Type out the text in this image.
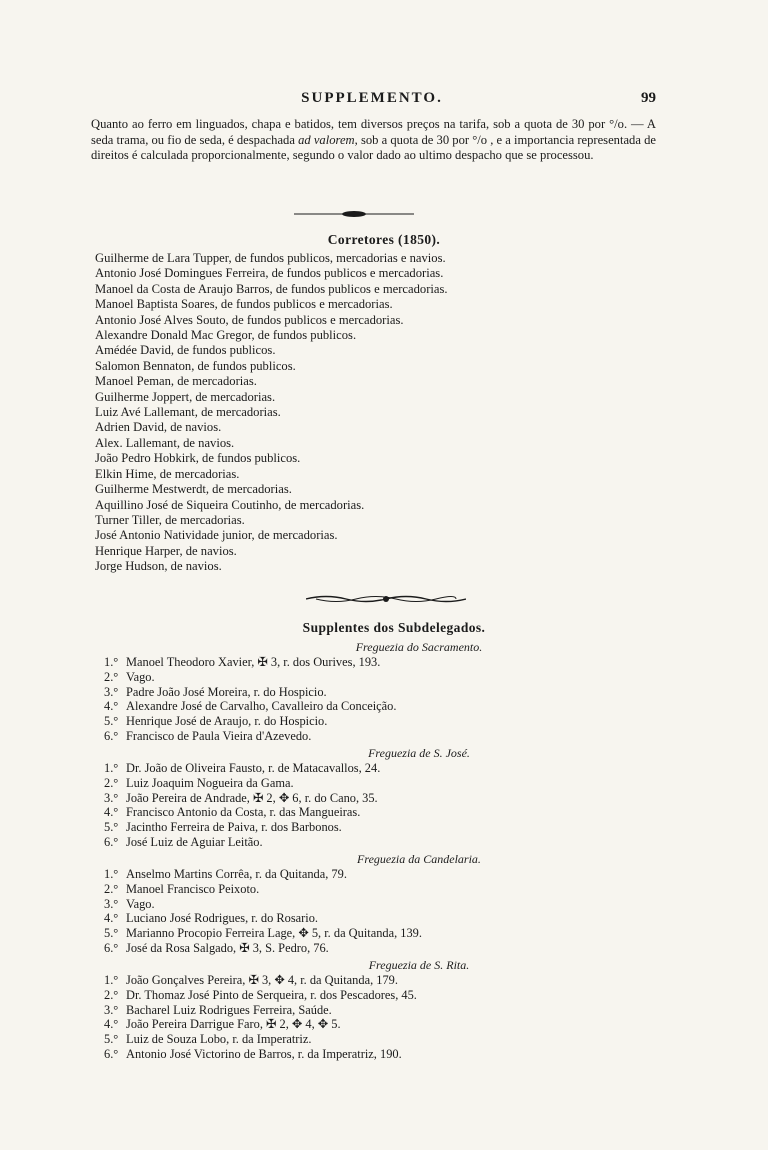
SUPPLEMENTO.	99
Quanto ao ferro em linguados, chapa e batidos, tem diversos preços na tarifa, sob a quota de 30 por °/o. — A seda trama, ou fio de seda, é despachada ad valorem, sob a quota de 30 por °/o , e a importancia representada de direitos é calculada proporcionalmente, segundo o valor dado ao ultimo despacho que se processou.
Corretores (1850).
Guilherme de Lara Tupper, de fundos publicos, mercadorias e navios.
Antonio José Domingues Ferreira, de fundos publicos e mercadorias.
Manoel da Costa de Araujo Barros, de fundos publicos e mercadorias.
Manoel Baptista Soares, de fundos publicos e mercadorias.
Antonio José Alves Souto, de fundos publicos e mercadorias.
Alexandre Donald Mac Gregor, de fundos publicos.
Amédée David, de fundos publicos.
Salomon Bennaton, de fundos publicos.
Manoel Peman, de mercadorias.
Guilherme Joppert, de mercadorias.
Luiz Avé Lallemant, de mercadorias.
Adrien David, de navios.
Alex. Lallemant, de navios.
João Pedro Hobkirk, de fundos publicos.
Elkin Hime, de mercadorias.
Guilherme Mestwerdt, de mercadorias.
Aquillino José de Siqueira Coutinho, de mercadorias.
Turner Tiller, de mercadorias.
José Antonio Natividade junior, de mercadorias.
Henrique Harper, de navios.
Jorge Hudson, de navios.
Supplentes dos Subdelegados.
Freguezia do Sacramento.
1.° Manoel Theodoro Xavier, ✠ 3, r. dos Ourives, 193.
2.° Vago.
3.° Padre João José Moreira, r. do Hospicio.
4.° Alexandre José de Carvalho, Cavalleiro da Conceição.
5.° Henrique José de Araujo, r. do Hospicio.
6.° Francisco de Paula Vieira d'Azevedo.
Freguezia de S. José.
1.° Dr. João de Oliveira Fausto, r. de Matacavallos, 24.
2.° Luiz Joaquim Nogueira da Gama.
3.° João Pereira de Andrade, ✠ 2, ✥ 6, r. do Cano, 35.
4.° Francisco Antonio da Costa, r. das Mangueiras.
5.° Jacintho Ferreira de Paiva, r. dos Barbonos.
6.° José Luiz de Aguiar Leitão.
Freguezia da Candelaria.
1.° Anselmo Martins Corrêa, r. da Quitanda, 79.
2.° Manoel Francisco Peixoto.
3.° Vago.
4.° Luciano José Rodrigues, r. do Rosario.
5.° Marianno Procopio Ferreira Lage, ✥ 5, r. da Quitanda, 139.
6.° José da Rosa Salgado, ✠ 3, S. Pedro, 76.
Freguezia de S. Rita.
1.° João Gonçalves Pereira, ✠ 3, ✥ 4, r. da Quitanda, 179.
2.° Dr. Thomaz José Pinto de Serqueira, r. dos Pescadores, 45.
3.° Bacharel Luiz Rodrigues Ferreira, Saúde.
4.° João Pereira Darrigue Faro, ✠ 2, ✥ 4, ✥ 5.
5.° Luiz de Souza Lobo, r. da Imperatriz.
6.° Antonio José Victorino de Barros, r. da Imperatriz, 190.
